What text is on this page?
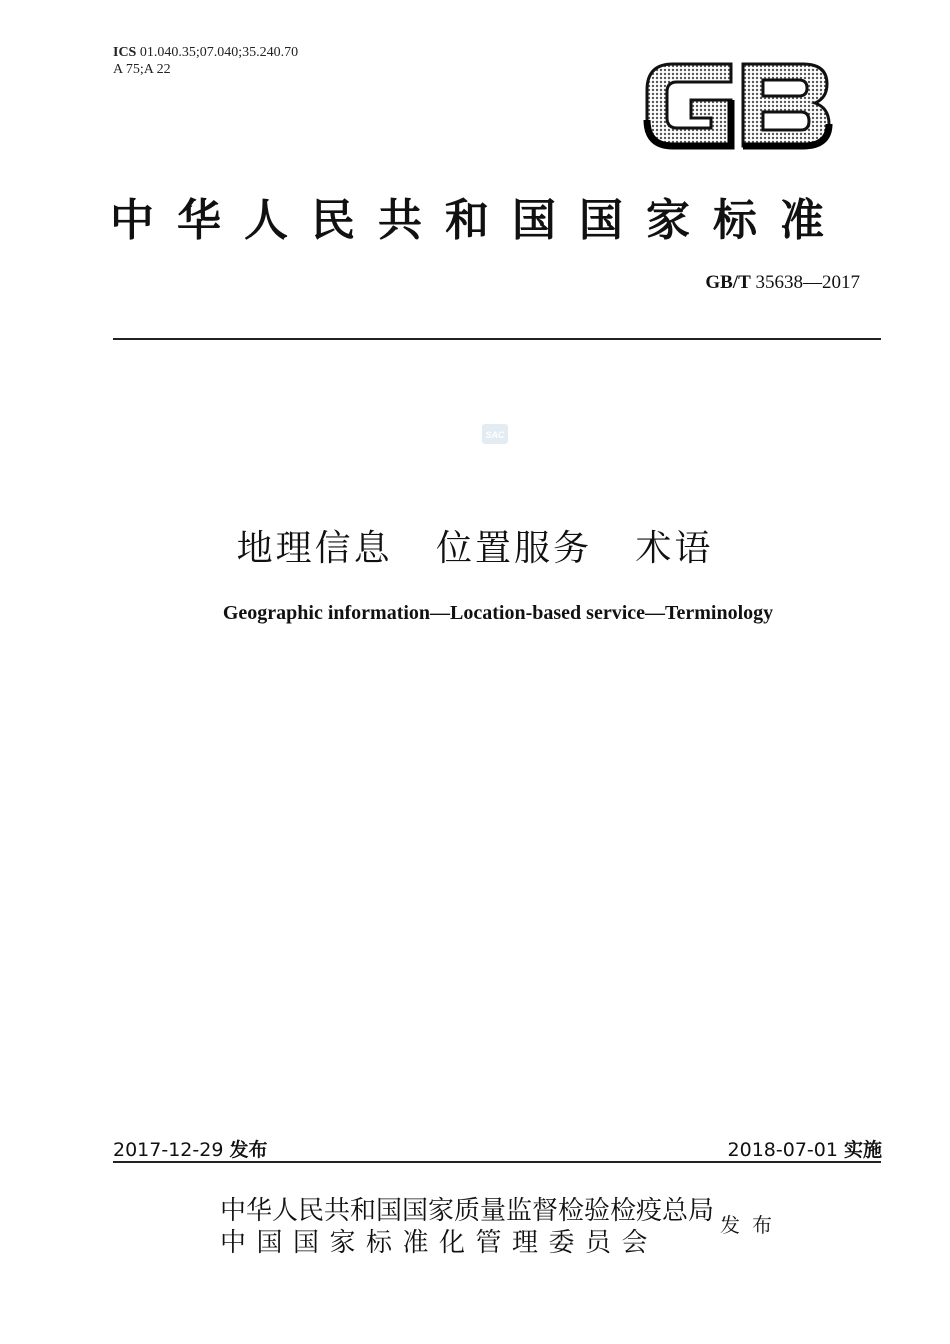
ICS 01.040.35;07.040;35.240.70
A 75;A 22
中华人民共和国国家标准
GB/T 35638—2017
SAC
地理信息   位置服务   术语
Geographic information—Location-based service—Terminology
2017-12-29 发布	2018-07-01 实施
中华人民共和国国家质量监督检验检疫总局
中国国家标准化管理委员会
发布
